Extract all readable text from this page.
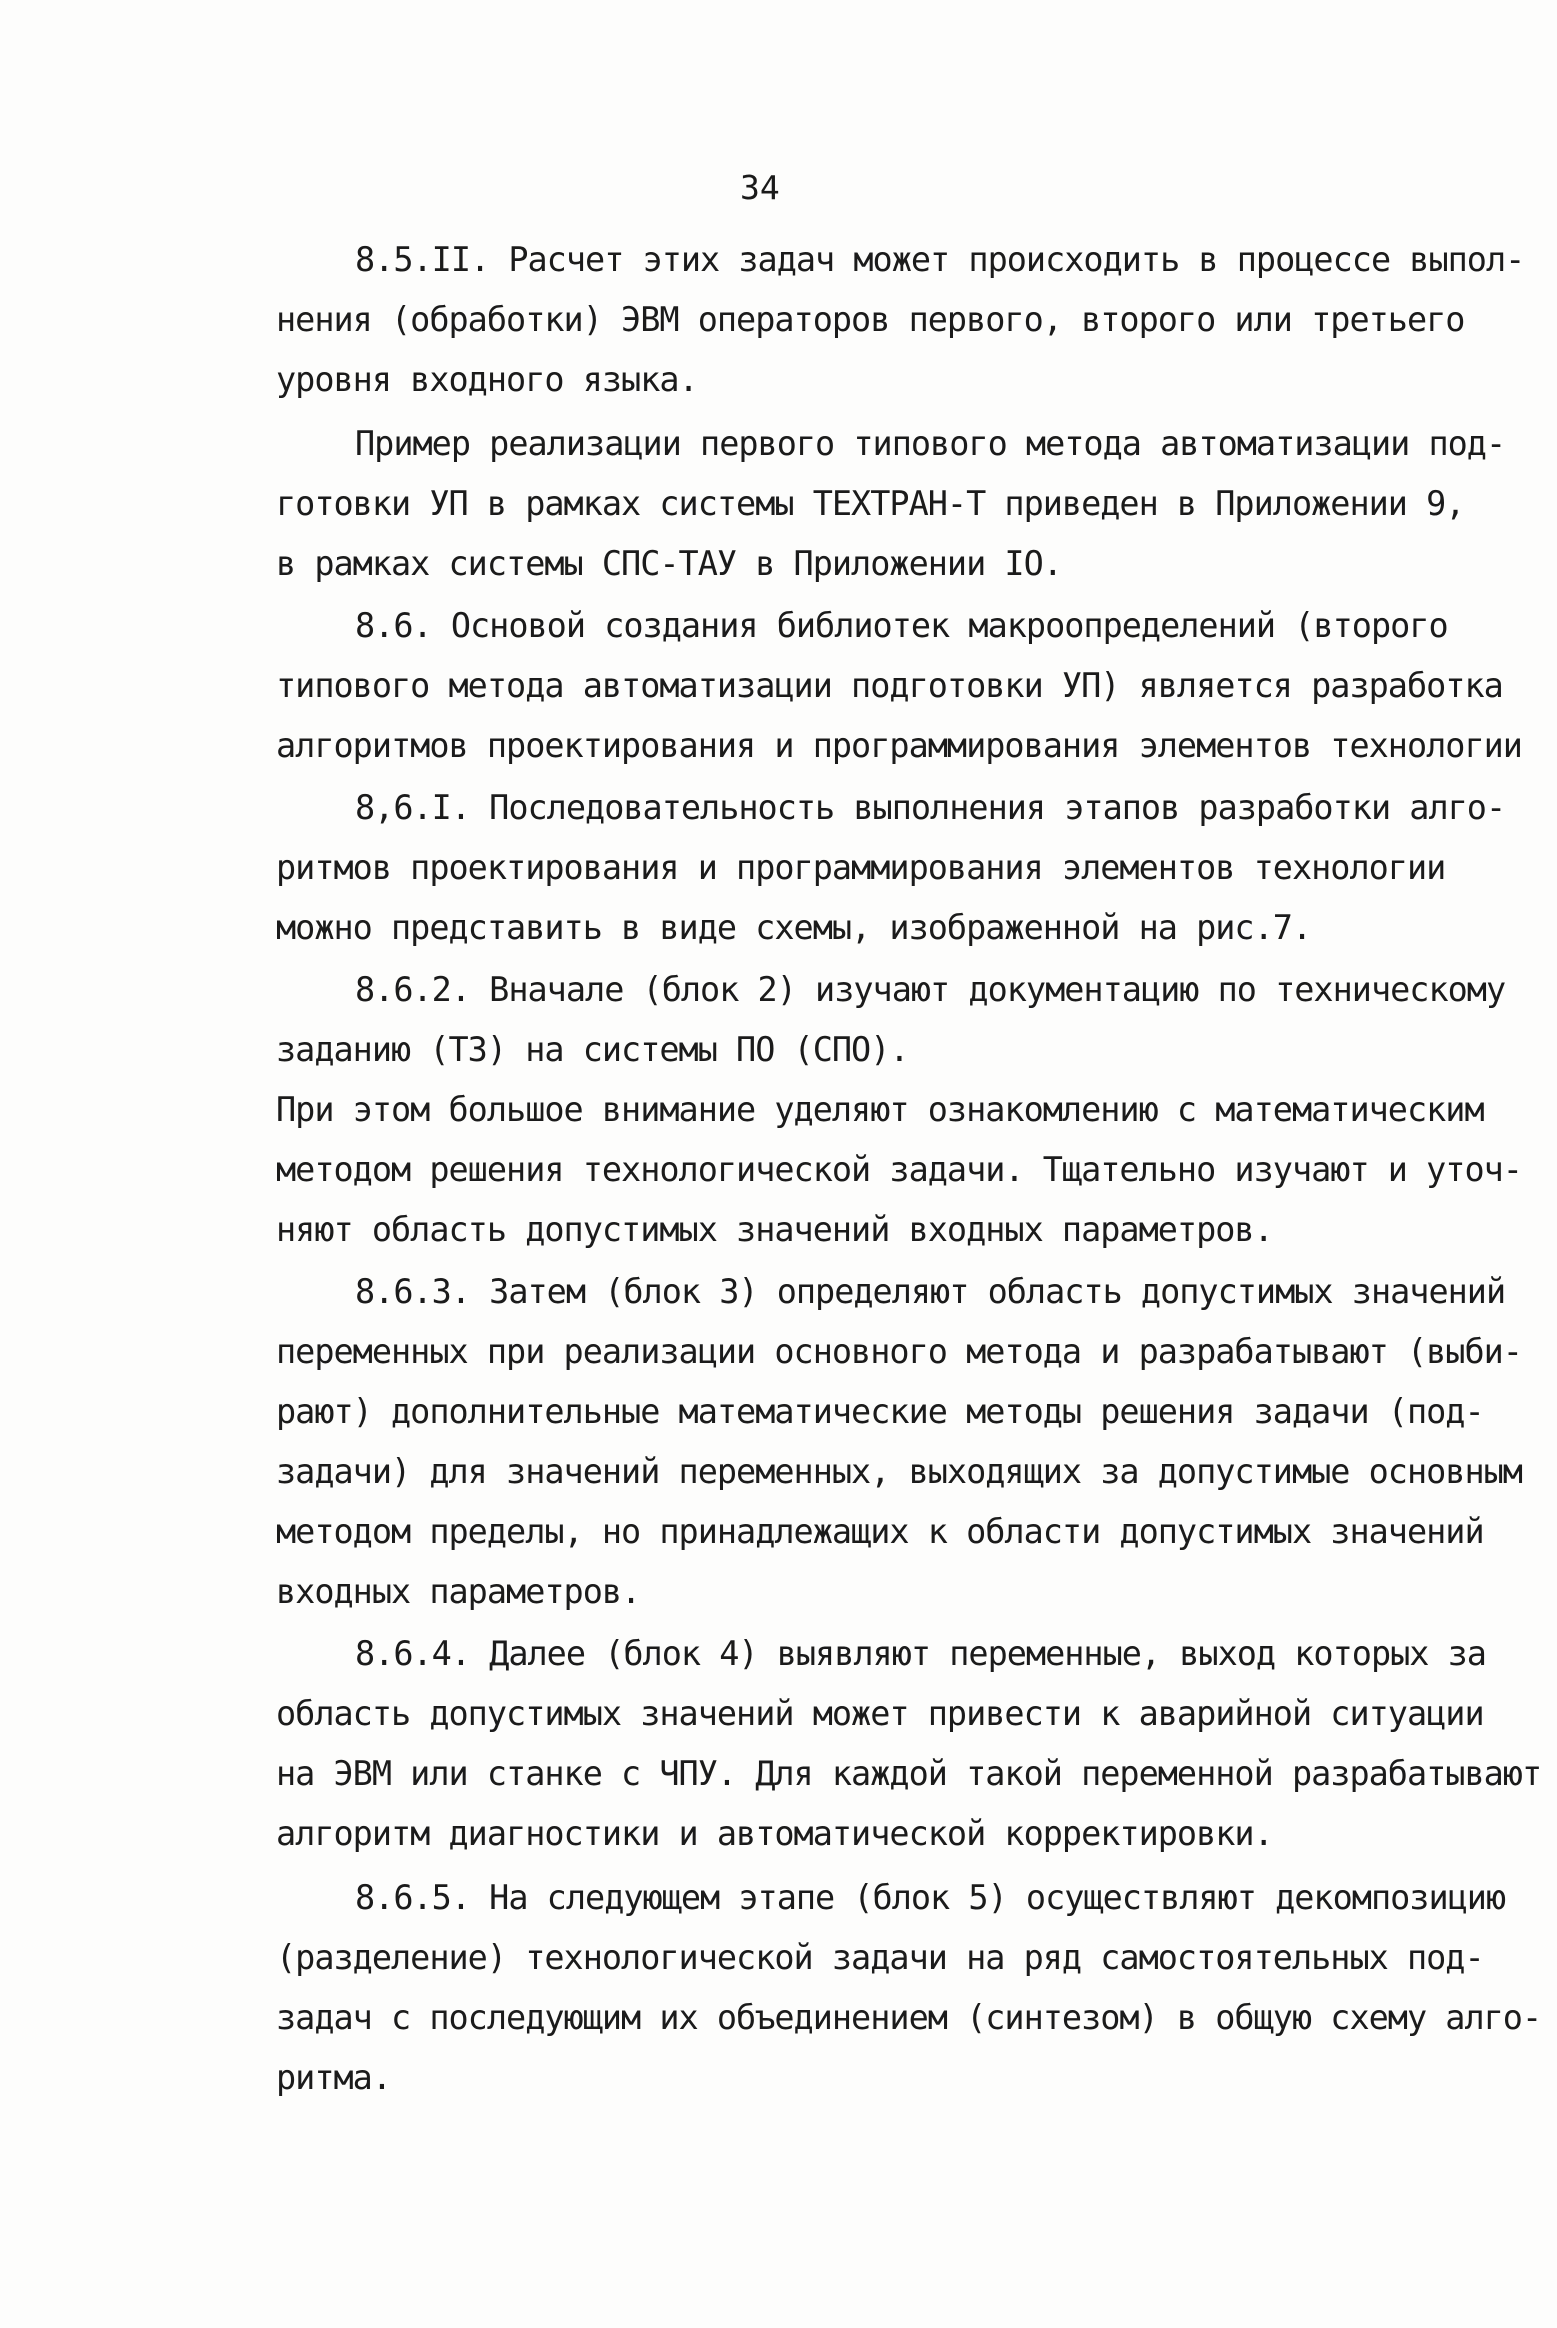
34
8.5.II. Расчет этих задач может происходить в процессе выпол-
нения (обработки) ЭВМ операторов первого, второго или третьего
уровня входного языка.
Пример реализации первого типового метода автоматизации под-
готовки УП в рамках системы ТЕХТРАН-Т приведен в Приложении 9,
в рамках системы СПС-ТАУ в Приложении IO.
8.6. Основой создания библиотек макроопределений (второго
типового метода автоматизации подготовки УП) является разработка
алгоритмов проектирования и программирования элементов технологии
8,6.I. Последовательность выполнения этапов разработки алго-
ритмов проектирования и программирования элементов технологии
можно представить в виде схемы, изображенной на рис.7.
8.6.2. Вначале (блок 2) изучают документацию по техническому
заданию (ТЗ) на системы ПО (СПО).
При этом большое внимание уделяют ознакомлению с математическим
методом решения технологической задачи. Тщательно изучают и уточ-
няют область допустимых значений входных параметров.
8.6.3. Затем (блок 3) определяют область допустимых значений
переменных при реализации основного метода и разрабатывают (выби-
рают) дополнительные математические методы решения задачи (под-
задачи) для значений переменных, выходящих за допустимые основным
методом пределы, но принадлежащих к области допустимых значений
входных параметров.
8.6.4. Далее (блок 4) выявляют переменные, выход которых за
область допустимых значений может привести к аварийной ситуации
на ЭВМ или станке с ЧПУ. Для каждой такой переменной разрабатывают
алгоритм диагностики и автоматической корректировки.
8.6.5. На следующем этапе (блок 5) осуществляют декомпозицию
(разделение) технологической задачи на ряд самостоятельных под-
задач с последующим их объединением (синтезом) в общую схему алго-
ритма.
